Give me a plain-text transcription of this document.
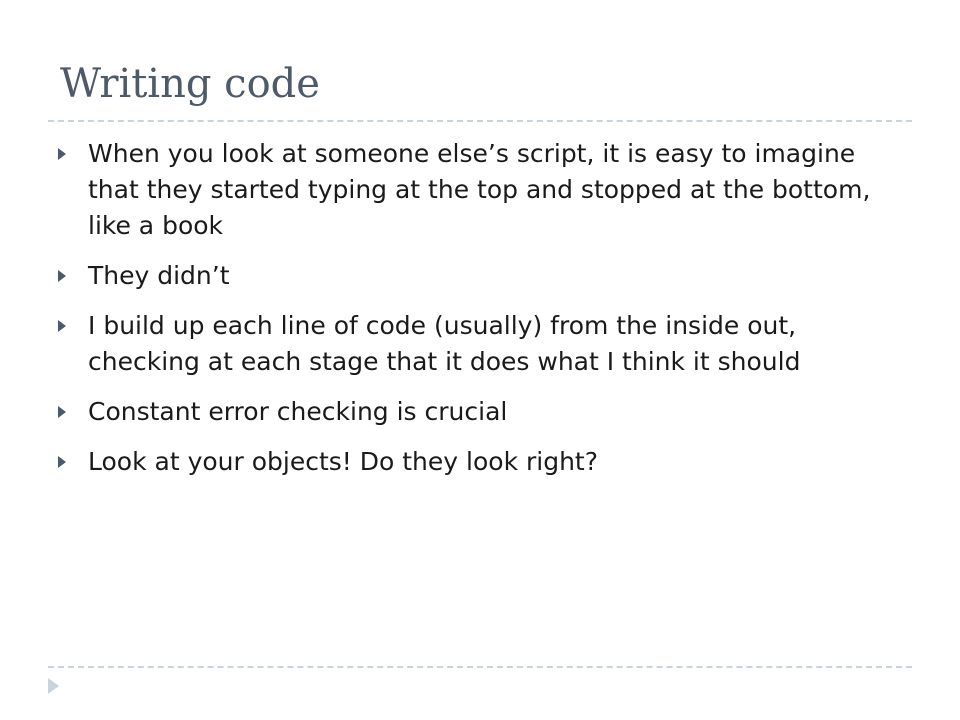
Writing code
When you look at someone else’s script, it is easy to imagine that they started typing at the top and stopped at the bottom, like a book
They didn’t
I build up each line of code (usually) from the inside out, checking at each stage that it does what I think it should
Constant error checking is crucial
Look at your objects! Do they look right?
